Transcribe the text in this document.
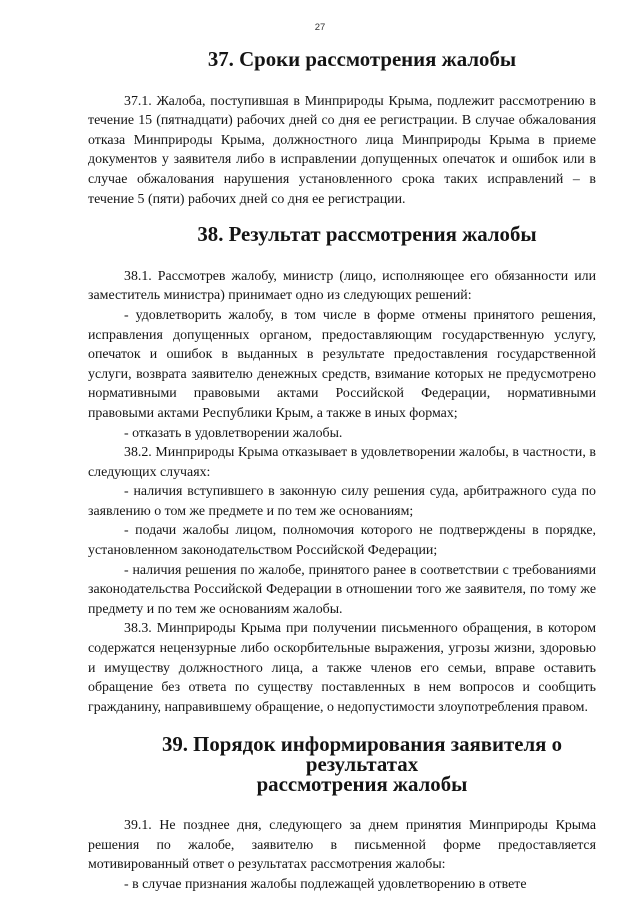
27
37. Сроки рассмотрения жалобы

37.1. Жалоба, поступившая в Минприроды Крыма, подлежит рассмотрению в течение 15 (пятнадцати) рабочих дней со дня ее регистрации. В случае обжалования отказа Минприроды Крыма, должностного лица Минприроды Крыма в приеме документов у заявителя либо в исправлении допущенных опечаток и ошибок или в случае обжалования нарушения установленного срока таких исправлений – в течение 5 (пяти) рабочих дней со дня ее регистрации.

38. Результат рассмотрения жалобы

38.1. Рассмотрев жалобу, министр (лицо, исполняющее его обязанности или заместитель министра) принимает одно из следующих решений:

- удовлетворить жалобу, в том числе в форме отмены принятого решения, исправления допущенных органом, предоставляющим государственную услугу, опечаток и ошибок в выданных в результате предоставления государственной услуги, возврата заявителю денежных средств, взимание которых не предусмотрено нормативными правовыми актами Российской Федерации, нормативными правовыми актами Республики Крым, а также в иных формах;

- отказать в удовлетворении жалобы.

38.2. Минприроды Крыма отказывает в удовлетворении жалобы, в частности, в следующих случаях:

- наличия вступившего в законную силу решения суда, арбитражного суда по заявлению о том же предмете и по тем же основаниям;

- подачи жалобы лицом, полномочия которого не подтверждены в порядке, установленном законодательством Российской Федерации;

- наличия решения по жалобе, принятого ранее в соответствии с требованиями законодательства Российской Федерации в отношении того же заявителя, по тому же предмету и по тем же основаниям жалобы.

38.3. Минприроды Крыма при получении письменного обращения, в котором содержатся нецензурные либо оскорбительные выражения, угрозы жизни, здоровью и имуществу должностного лица, а также членов его семьи, вправе оставить обращение без ответа по существу поставленных в нем вопросов и сообщить гражданину, направившему обращение, о недопустимости злоупотребления правом.

39. Порядок информирования заявителя о результатах
рассмотрения жалобы

39.1. Не позднее дня, следующего за днем принятия Минприроды Крыма решения по жалобе, заявителю в письменной форме предоставляется мотивированный ответ о результатах рассмотрения жалобы:

- в случае признания жалобы подлежащей удовлетворению в ответе
